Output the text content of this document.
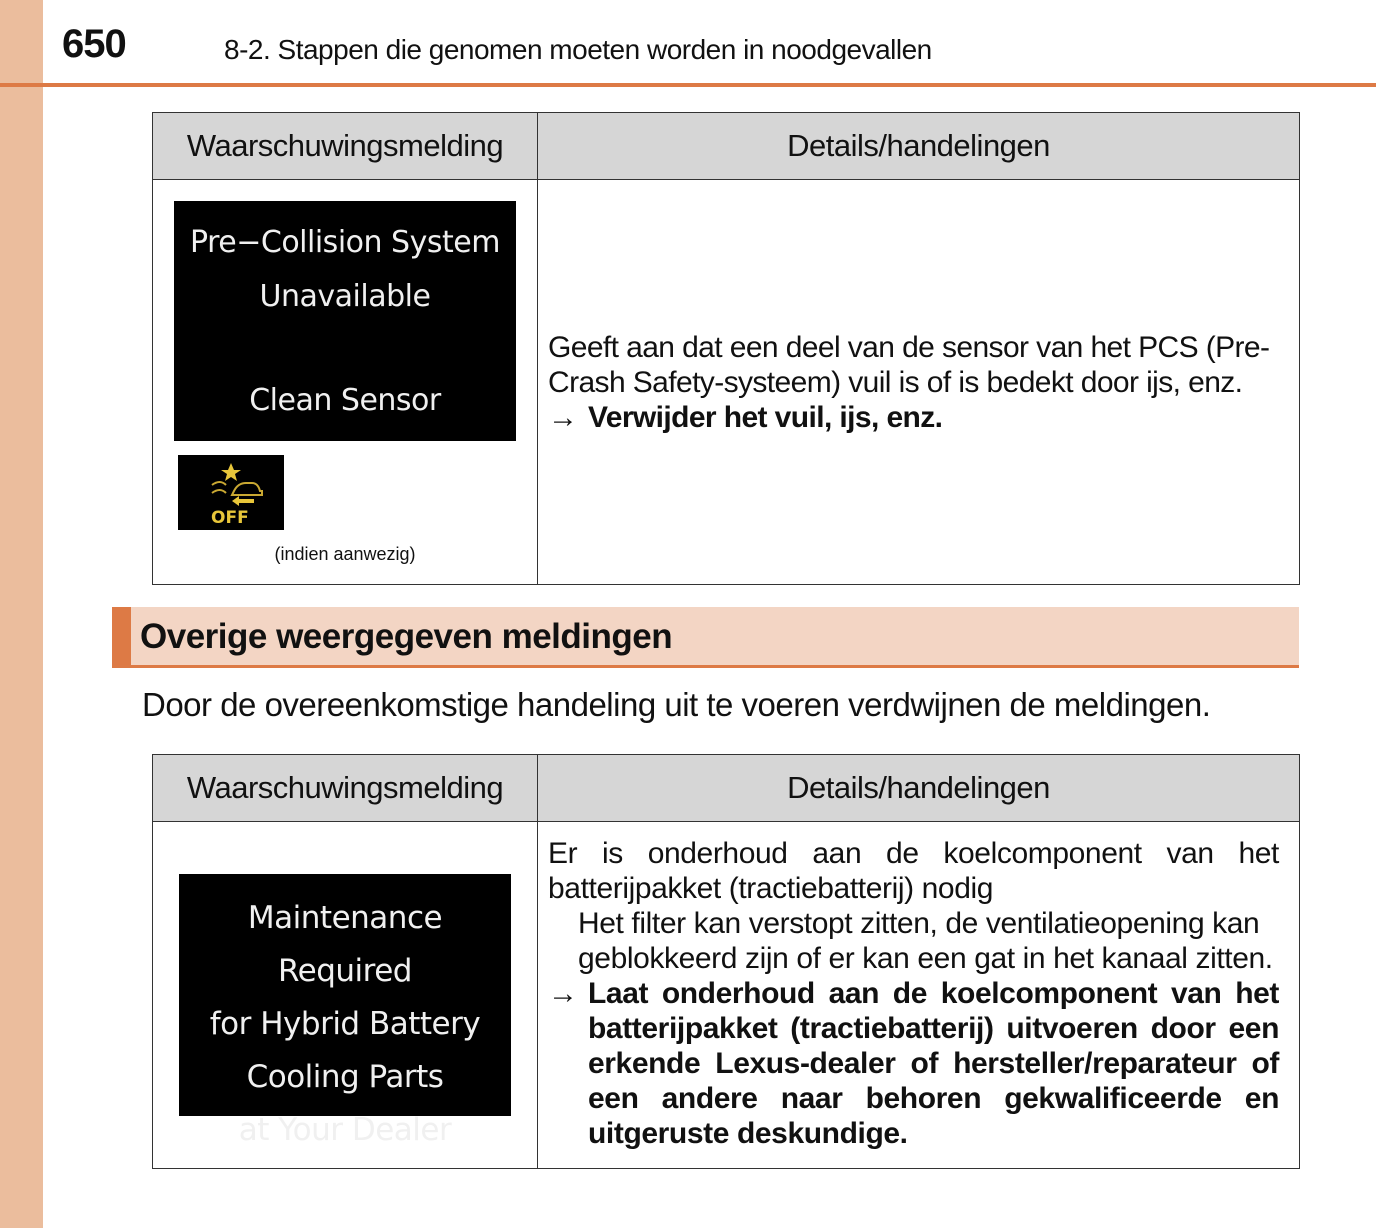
650	8-2. Stappen die genomen moeten worden in noodgevallen
Waarschuwingsmelding	Details/handelingen

Pre−Collision System
Unavailable
Clean Sensor
OFF
(indien aanwezig)

Geeft aan dat een deel van de sensor van het PCS (Pre-Crash Safety-systeem) vuil is of is bedekt door ijs, enz.
→ Verwijder het vuil, ijs, enz.
Overige weergegeven meldingen
Door de overeenkomstige handeling uit te voeren verdwijnen de meldingen.
Waarschuwingsmelding	Details/handelingen

Maintenance Required
for Hybrid Battery
Cooling Parts
at Your Dealer

Er is onderhoud aan de koelcomponent van het batterijpakket (tractiebatterij) nodig
Het filter kan verstopt zitten, de ventilatieopening kan geblokkeerd zijn of er kan een gat in het kanaal zitten.
→ Laat onderhoud aan de koelcomponent van het batterijpakket (tractiebatterij) uitvoeren door een erkende Lexus-dealer of hersteller/reparateur of een andere naar behoren gekwalificeerde en uitgeruste deskundige.
